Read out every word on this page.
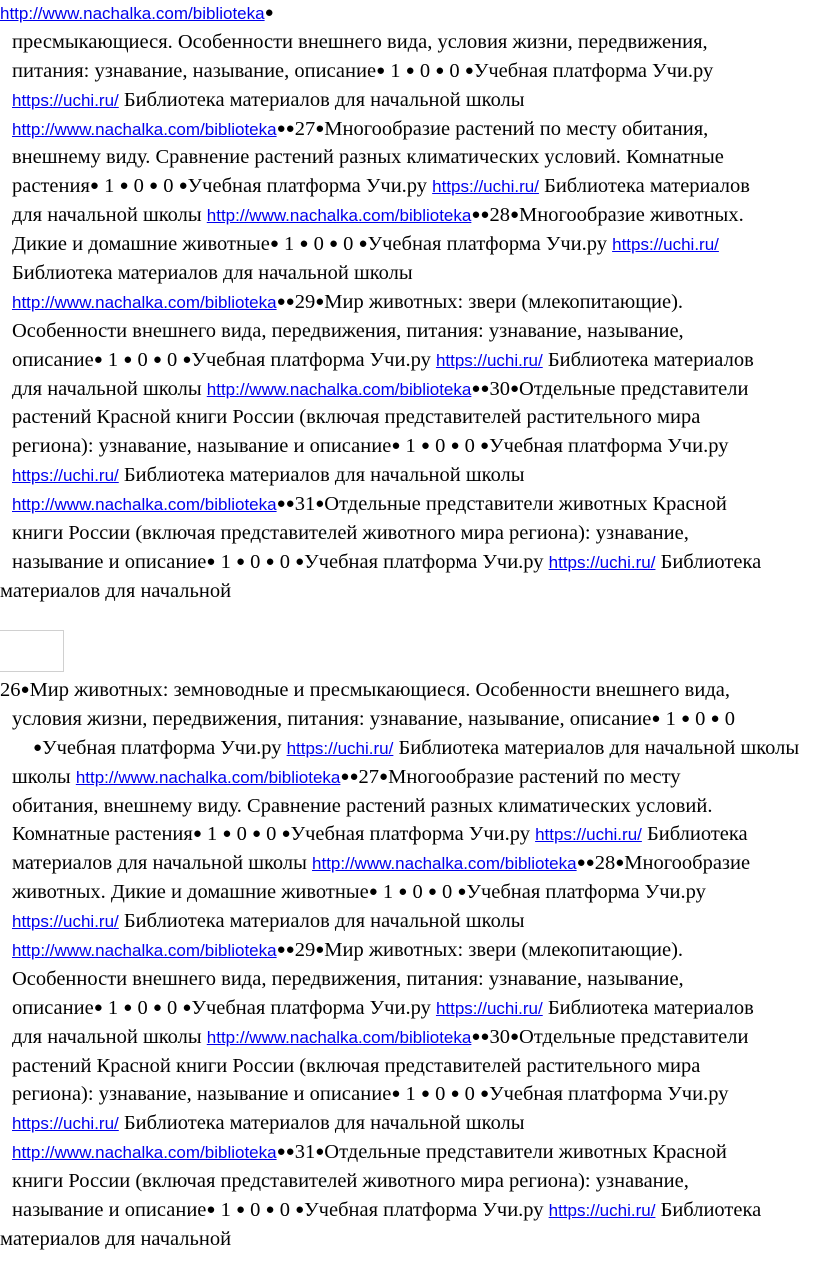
http://www.nachalka.com/biblioteka●
пресмыкающиеся. Особенности внешнего вида, условия жизни, передвижения,
питания: узнавание, называние, описание● 1 ● 0 ● 0 ●Учебная платформа Учи.ру
https://uchi.ru/ Библиотека материалов для начальной школы
http://www.nachalka.com/biblioteka●●27●Многообразие растений по месту обитания,
внешнему виду. Сравнение растений разных климатических условий. Комнатные
растения● 1 ● 0 ● 0 ●Учебная платформа Учи.ру https://uchi.ru/ Библиотека материалов
для начальной школы http://www.nachalka.com/biblioteka●●28●Многообразие животных.
Дикие и домашние животные● 1 ● 0 ● 0 ●Учебная платформа Учи.ру https://uchi.ru/
Библиотека материалов для начальной школы
http://www.nachalka.com/biblioteka●●29●Мир животных: звери (млекопитающие).
Особенности внешнего вида, передвижения, питания: узнавание, называние,
описание● 1 ● 0 ● 0 ●Учебная платформа Учи.ру https://uchi.ru/ Библиотека материалов
для начальной школы http://www.nachalka.com/biblioteka●●30●Отдельные представители
растений Красной книги России (включая представителей растительного мира
региона): узнавание, называние и описание● 1 ● 0 ● 0 ●Учебная платформа Учи.ру
https://uchi.ru/ Библиотека материалов для начальной школы
http://www.nachalka.com/biblioteka●●31●Отдельные представители животных Красной
книги России (включая представителей животного мира региона): узнавание,
называние и описание● 1 ● 0 ● 0 ●Учебная платформа Учи.ру https://uchi.ru/ Библиотека
материалов для начальной
26●Мир животных: земноводные и пресмыкающиеся. Особенности внешнего вида,
условия жизни, передвижения, питания: узнавание, называние, описание● 1 ● 0 ● 0
●Учебная платформа Учи.ру https://uchi.ru/ Библиотека материалов для начальной школы
школы http://www.nachalka.com/biblioteka●●27●Многообразие растений по месту
обитания, внешнему виду. Сравнение растений разных климатических условий.
Комнатные растения● 1 ● 0 ● 0 ●Учебная платформа Учи.ру https://uchi.ru/ Библиотека
материалов для начальной школы http://www.nachalka.com/biblioteka●●28●Многообразие
животных. Дикие и домашние животные● 1 ● 0 ● 0 ●Учебная платформа Учи.ру
https://uchi.ru/ Библиотека материалов для начальной школы
http://www.nachalka.com/biblioteka●●29●Мир животных: звери (млекопитающие).
Особенности внешнего вида, передвижения, питания: узнавание, называние,
описание● 1 ● 0 ● 0 ●Учебная платформа Учи.ру https://uchi.ru/ Библиотека материалов
для начальной школы http://www.nachalka.com/biblioteka●●30●Отдельные представители
растений Красной книги России (включая представителей растительного мира
региона): узнавание, называние и описание● 1 ● 0 ● 0 ●Учебная платформа Учи.ру
https://uchi.ru/ Библиотека материалов для начальной школы
http://www.nachalka.com/biblioteka●●31●Отдельные представители животных Красной
книги России (включая представителей животного мира региона): узнавание,
называние и описание● 1 ● 0 ● 0 ●Учебная платформа Учи.ру https://uchi.ru/ Библиотека
материалов для начальной
